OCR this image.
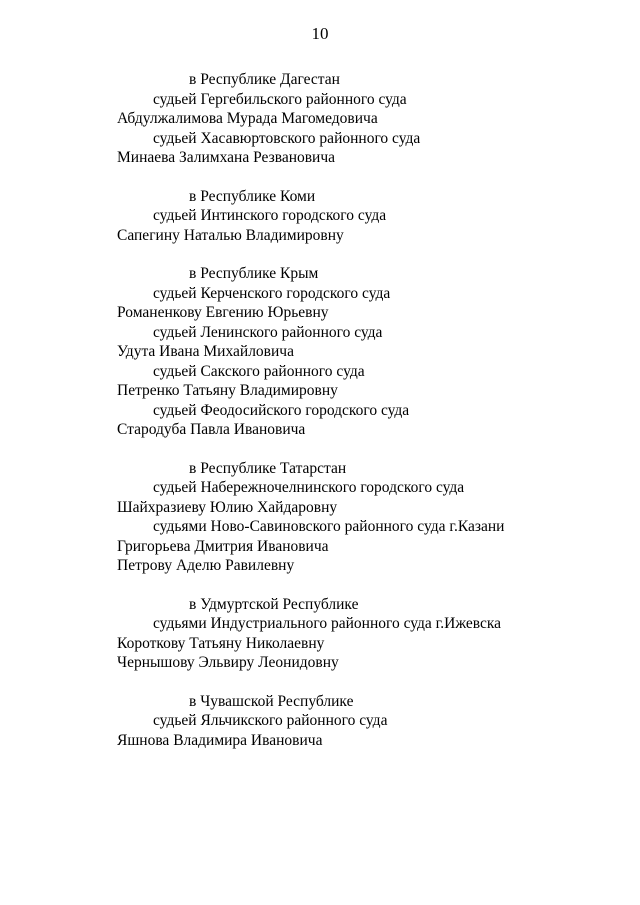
10
в Республике Дагестан
судьей Гергебильского районного суда
Абдулжалимова Мурада Магомедовича
судьей Хасавюртовского районного суда
Минаева Залимхана Резвановича
в Республике Коми
судьей Интинского городского суда
Сапегину Наталью Владимировну
в Республике Крым
судьей Керченского городского суда
Романенкову Евгению Юрьевну
судьей Ленинского районного суда
Удута Ивана Михайловича
судьей Сакского районного суда
Петренко Татьяну Владимировну
судьей Феодосийского городского суда
Стародуба Павла Ивановича
в Республике Татарстан
судьей Набережночелнинского городского суда
Шайхразиеву Юлию Хайдаровну
судьями Ново-Савиновского районного суда г.Казани
Григорьева Дмитрия Ивановича
Петрову Аделю Равилевну
в Удмуртской Республике
судьями Индустриального районного суда г.Ижевска
Короткову Татьяну Николаевну
Чернышову Эльвиру Леонидовну
в Чувашской Республике
судьей Яльчикского районного суда
Яшнова Владимира Ивановича
